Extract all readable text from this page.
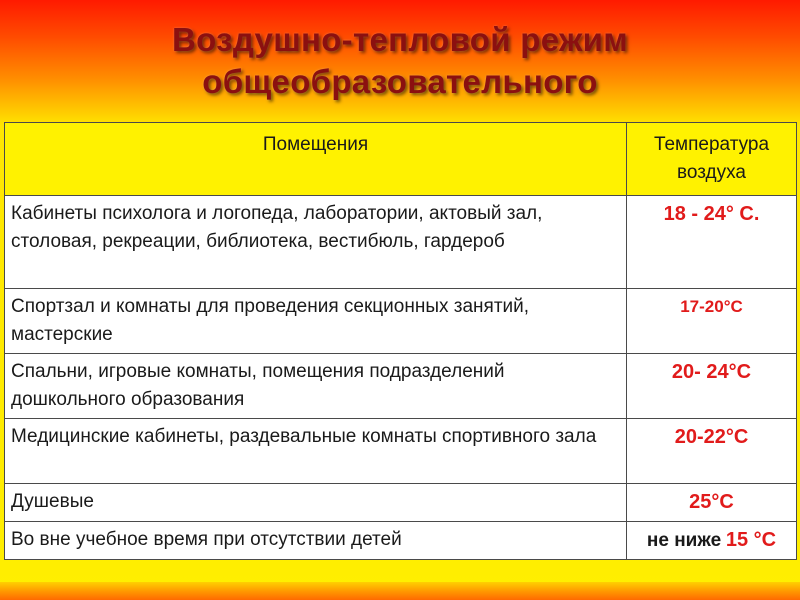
Воздушно-тепловой режим
общеобразовательного
Помещения	Температура
воздуха
Кабинеты психолога и логопеда, лаборатории, актовый зал, столовая, рекреации, библиотека, вестибюль, гардероб	18 - 24° С.
Спортзал и комнаты для проведения секционных занятий, мастерские	17-20°С
Спальни, игровые комнаты, помещения подразделений дошкольного образования	20- 24°С
Медицинские кабинеты, раздевальные комнаты спортивного зала	20-22°С
Душевые	25°С
Во вне учебное время при отсутствии детей	не ниже 15 °С
